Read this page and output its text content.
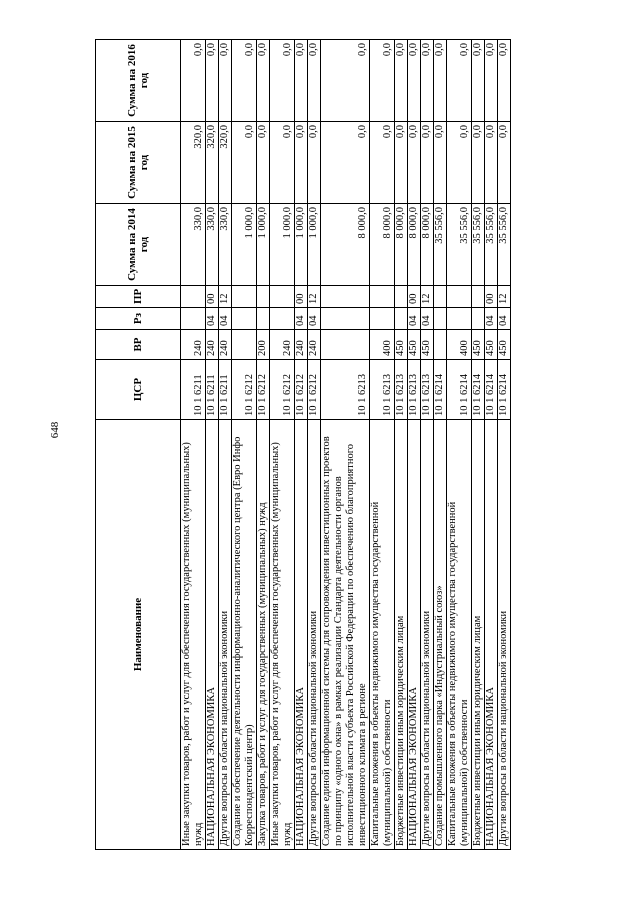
648
Наименование	ЦСР	ВР	Рз	ПР	Сумма на 2014 год	Сумма на 2015 год	Сумма на 2016 год
Иные закупки товаров, работ и услуг для обеспечения государственных (муниципальных) нужд	10 1 6211	240			330,0	320,0	0,0
НАЦИОНАЛЬНАЯ ЭКОНОМИКА	10 1 6211	240	04	00	330,0	320,0	0,0
Другие вопросы в области национальной экономики	10 1 6211	240	04	12	330,0	320,0	0,0
Создание и обеспечение деятельности информационно-аналитического центра (Евро Инфо Корреспондентский центр)	10 1 6212				1 000,0	0,0	0,0
Закупка товаров, работ и услуг для государственных (муниципальных) нужд	10 1 6212	200			1 000,0	0,0	0,0
Иные закупки товаров, работ и услуг для обеспечения государственных (муниципальных) нужд	10 1 6212	240			1 000,0	0,0	0,0
НАЦИОНАЛЬНАЯ ЭКОНОМИКА	10 1 6212	240	04	00	1 000,0	0,0	0,0
Другие вопросы в области национальной экономики	10 1 6212	240	04	12	1 000,0	0,0	0,0
Создание единой информационной системы для сопровождения инвестиционных проектов по принципу «одного окна» в рамках реализации Стандарта деятельности органов исполнительной власти субъекта Российской Федерации по обеспечению благоприятного инвестиционного климата в регионе	10 1 6213				8 000,0	0,0	0,0
Капитальные вложения в объекты недвижимого имущества государственной (муниципальной) собственности	10 1 6213	400			8 000,0	0,0	0,0
Бюджетные инвестиции иным юридическим лицам	10 1 6213	450			8 000,0	0,0	0,0
НАЦИОНАЛЬНАЯ ЭКОНОМИКА	10 1 6213	450	04	00	8 000,0	0,0	0,0
Другие вопросы в области национальной экономики	10 1 6213	450	04	12	8 000,0	0,0	0,0
Создание промышленного парка «Индустриальный союз»	10 1 6214				35 556,0	0,0	0,0
Капитальные вложения в объекты недвижимого имущества государственной (муниципальной) собственности	10 1 6214	400			35 556,0	0,0	0,0
Бюджетные инвестиции иным юридическим лицам	10 1 6214	450			35 556,0	0,0	0,0
НАЦИОНАЛЬНАЯ ЭКОНОМИКА	10 1 6214	450	04	00	35 556,0	0,0	0,0
Другие вопросы в области национальной экономики	10 1 6214	450	04	12	35 556,0	0,0	0,0
